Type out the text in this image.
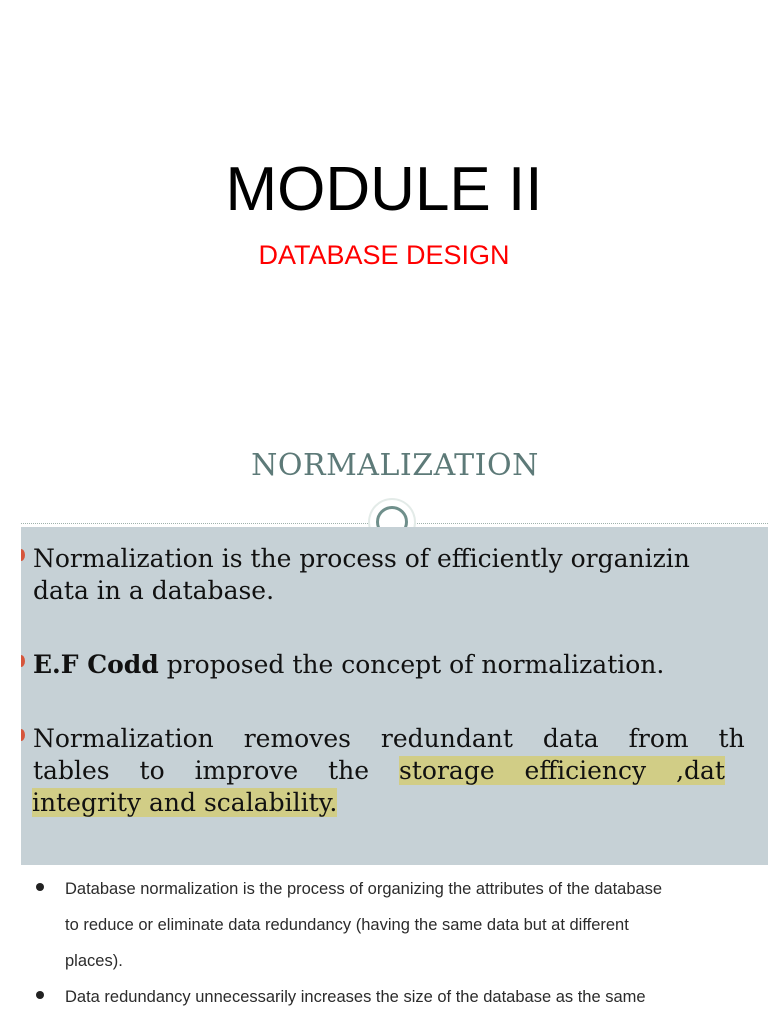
MODULE II
DATABASE DESIGN
NORMALIZATION
Normalization is the process of efficiently organizin
data in a database.
E.F Codd proposed the concept of normalization.
Normalization removes redundant data from th
tables to improve the storage efficiency ,dat
integrity and scalability.
Database normalization is the process of organizing the attributes of the database
to reduce or eliminate data redundancy (having the same data but at different
places).
Data redundancy unnecessarily increases the size of the database as the same
